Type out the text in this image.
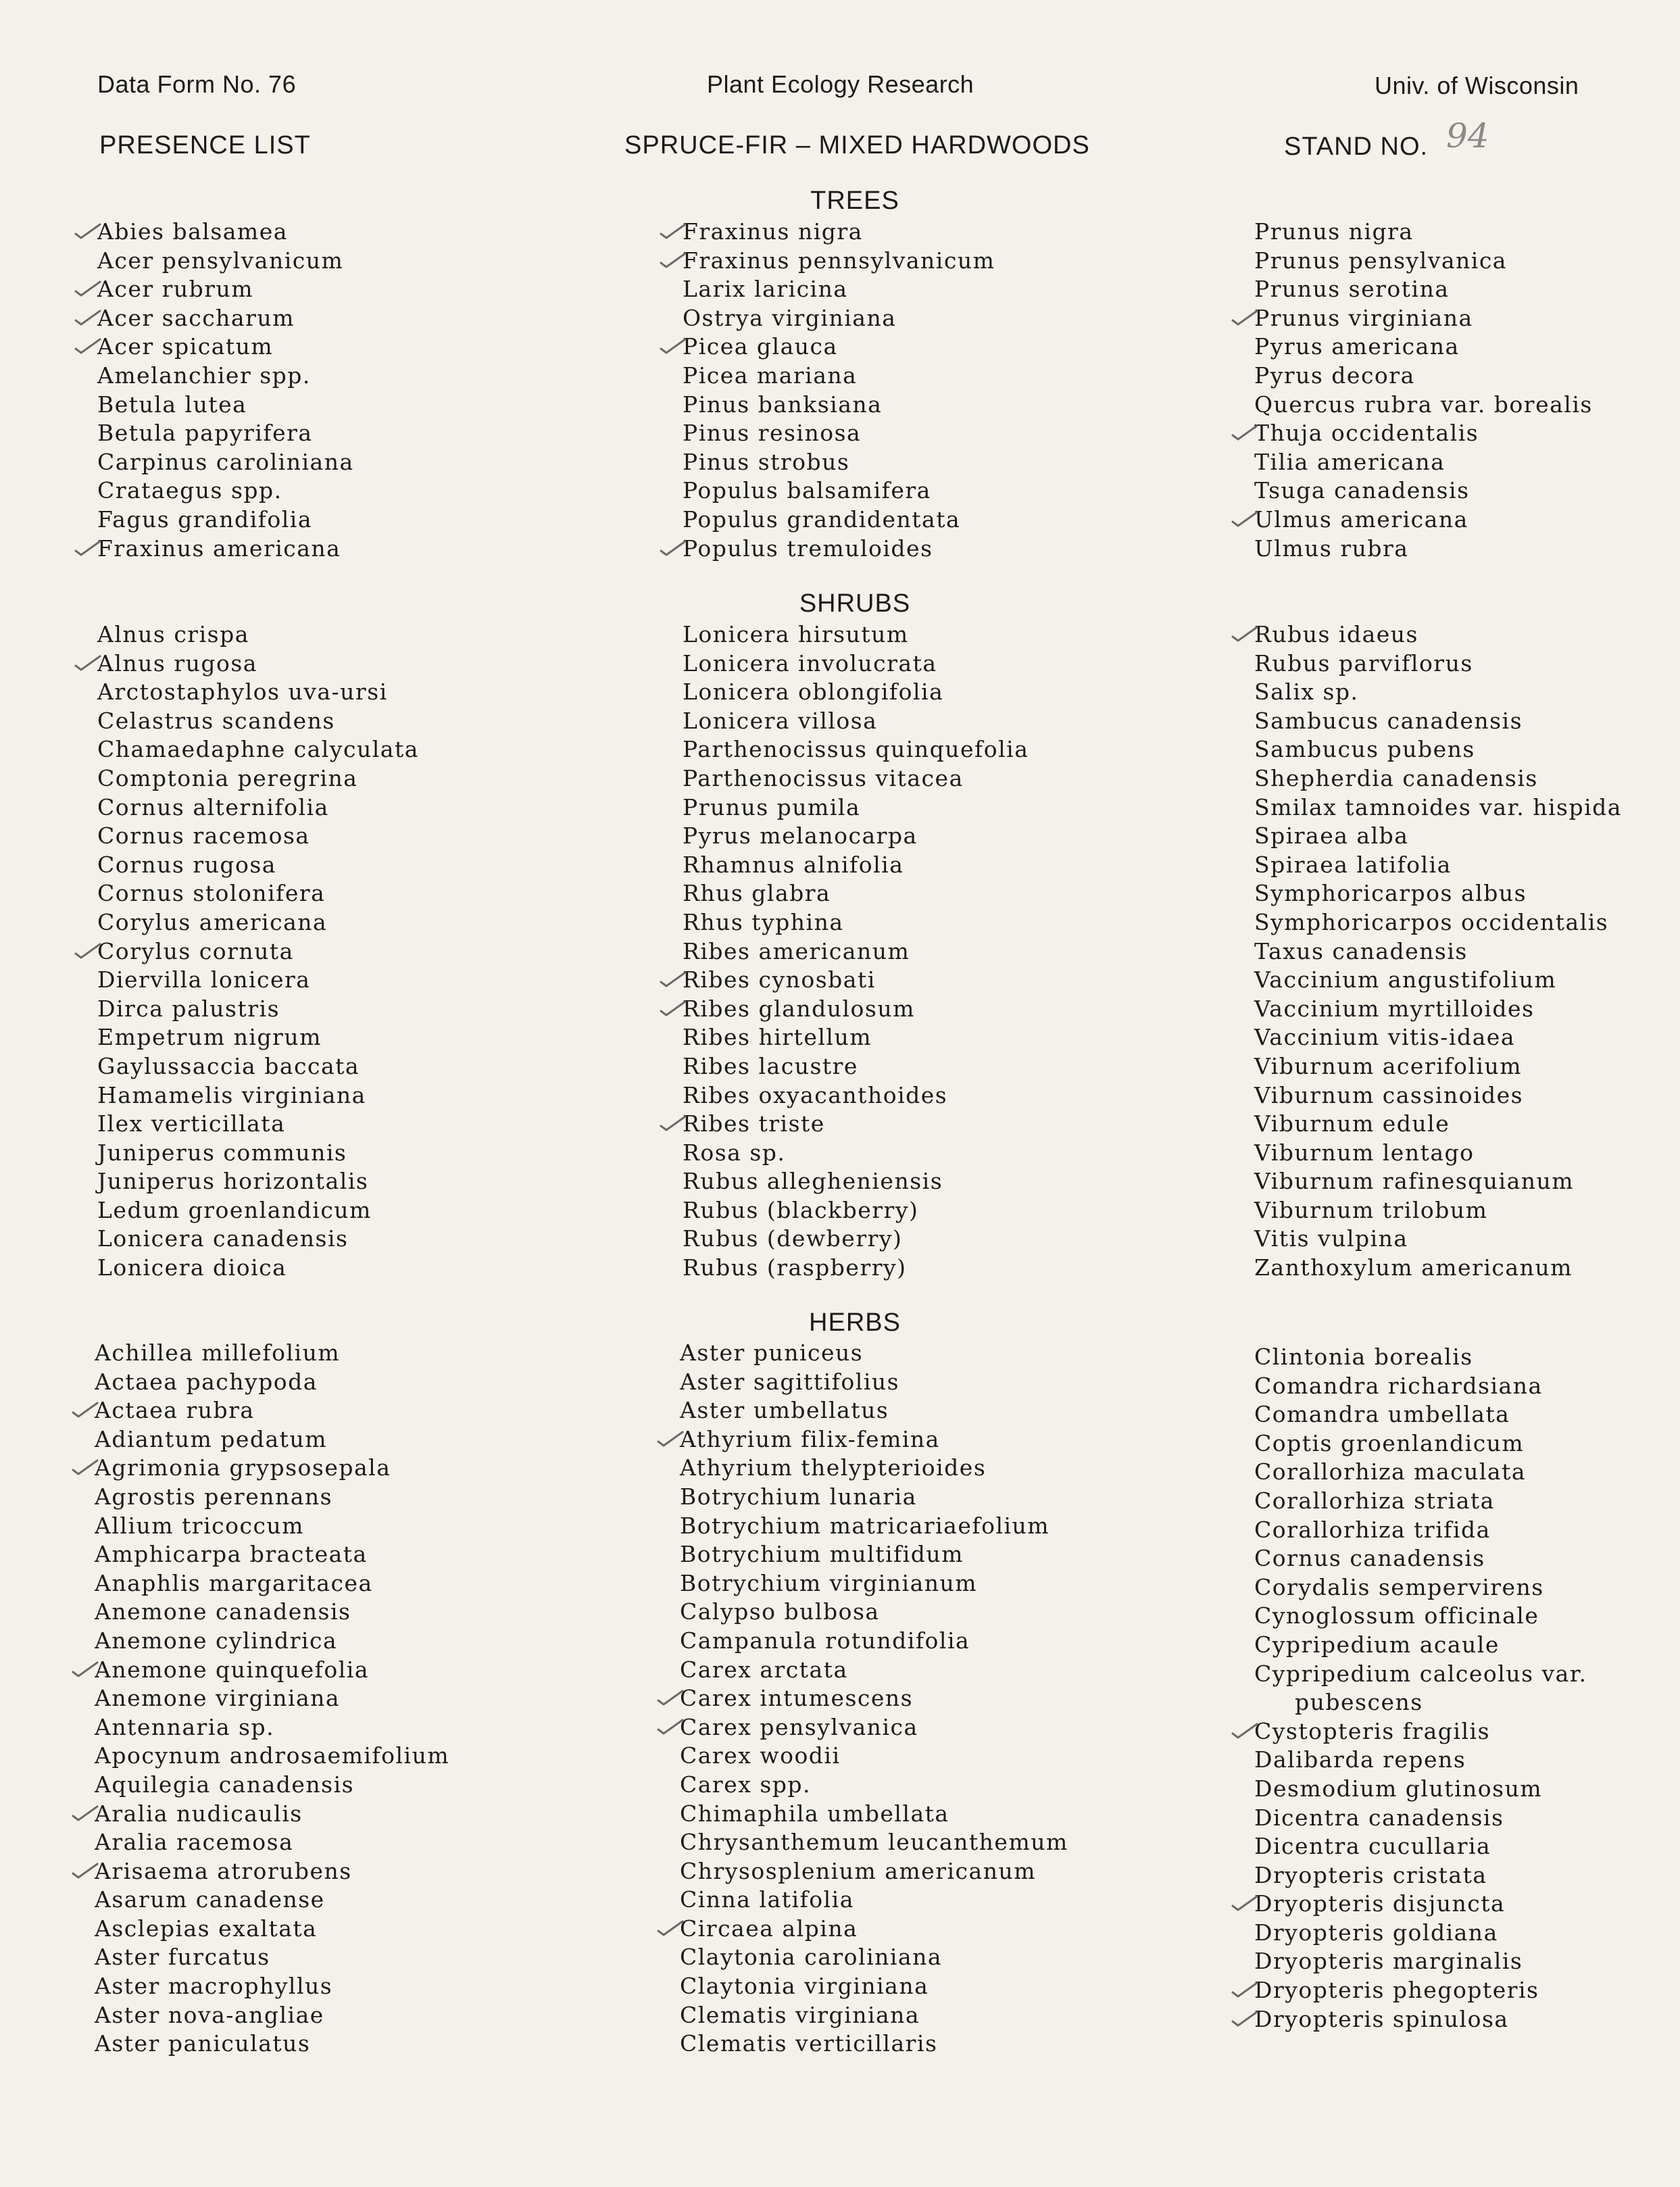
Data Form No. 76	Plant Ecology Research	Univ. of Wisconsin
PRESENCE LIST	SPRUCE-FIR – MIXED HARDWOODS	STAND NO. 94
TREES
SHRUBS
HERBS
Abies balsamea
Acer pensylvanicum
Acer rubrum
Acer saccharum
Acer spicatum
Amelanchier spp.
Betula lutea
Betula papyrifera
Carpinus caroliniana
Crataegus spp.
Fagus grandifolia
Fraxinus americana
Fraxinus nigra
Fraxinus pennsylvanicum
Larix laricina
Ostrya virginiana
Picea glauca
Picea mariana
Pinus banksiana
Pinus resinosa
Pinus strobus
Populus balsamifera
Populus grandidentata
Populus tremuloides
Prunus nigra
Prunus pensylvanica
Prunus serotina
Prunus virginiana
Pyrus americana
Pyrus decora
Quercus rubra var. borealis
Thuja occidentalis
Tilia americana
Tsuga canadensis
Ulmus americana
Ulmus rubra
Alnus crispa
Alnus rugosa
Arctostaphylos uva-ursi
Celastrus scandens
Chamaedaphne calyculata
Comptonia peregrina
Cornus alternifolia
Cornus racemosa
Cornus rugosa
Cornus stolonifera
Corylus americana
Corylus cornuta
Diervilla lonicera
Dirca palustris
Empetrum nigrum
Gaylussaccia baccata
Hamamelis virginiana
Ilex verticillata
Juniperus communis
Juniperus horizontalis
Ledum groenlandicum
Lonicera canadensis
Lonicera dioica
Lonicera hirsutum
Lonicera involucrata
Lonicera oblongifolia
Lonicera villosa
Parthenocissus quinquefolia
Parthenocissus vitacea
Prunus pumila
Pyrus melanocarpa
Rhamnus alnifolia
Rhus glabra
Rhus typhina
Ribes americanum
Ribes cynosbati
Ribes glandulosum
Ribes hirtellum
Ribes lacustre
Ribes oxyacanthoides
Ribes triste
Rosa sp.
Rubus allegheniensis
Rubus (blackberry)
Rubus (dewberry)
Rubus (raspberry)
Rubus idaeus
Rubus parviflorus
Salix sp.
Sambucus canadensis
Sambucus pubens
Shepherdia canadensis
Smilax tamnoides var. hispida
Spiraea alba
Spiraea latifolia
Symphoricarpos albus
Symphoricarpos occidentalis
Taxus canadensis
Vaccinium angustifolium
Vaccinium myrtilloides
Vaccinium vitis-idaea
Viburnum acerifolium
Viburnum cassinoides
Viburnum edule
Viburnum lentago
Viburnum rafinesquianum
Viburnum trilobum
Vitis vulpina
Zanthoxylum americanum
Achillea millefolium
Actaea pachypoda
Actaea rubra
Adiantum pedatum
Agrimonia grypsosepala
Agrostis perennans
Allium tricoccum
Amphicarpa bracteata
Anaphlis margaritacea
Anemone canadensis
Anemone cylindrica
Anemone quinquefolia
Anemone virginiana
Antennaria sp.
Apocynum androsaemifolium
Aquilegia canadensis
Aralia nudicaulis
Aralia racemosa
Arisaema atrorubens
Asarum canadense
Asclepias exaltata
Aster furcatus
Aster macrophyllus
Aster nova-angliae
Aster paniculatus
Aster puniceus
Aster sagittifolius
Aster umbellatus
Athyrium filix-femina
Athyrium thelypterioides
Botrychium lunaria
Botrychium matricariaefolium
Botrychium multifidum
Botrychium virginianum
Calypso bulbosa
Campanula rotundifolia
Carex arctata
Carex intumescens
Carex pensylvanica
Carex woodii
Carex spp.
Chimaphila umbellata
Chrysanthemum leucanthemum
Chrysosplenium americanum
Cinna latifolia
Circaea alpina
Claytonia caroliniana
Claytonia virginiana
Clematis virginiana
Clematis verticillaris
Clintonia borealis
Comandra richardsiana
Comandra umbellata
Coptis groenlandicum
Corallorhiza maculata
Corallorhiza striata
Corallorhiza trifida
Cornus canadensis
Corydalis sempervirens
Cynoglossum officinale
Cypripedium acaule
Cypripedium calceolus var.
pubescens
Cystopteris fragilis
Dalibarda repens
Desmodium glutinosum
Dicentra canadensis
Dicentra cucullaria
Dryopteris cristata
Dryopteris disjuncta
Dryopteris goldiana
Dryopteris marginalis
Dryopteris phegopteris
Dryopteris spinulosa
